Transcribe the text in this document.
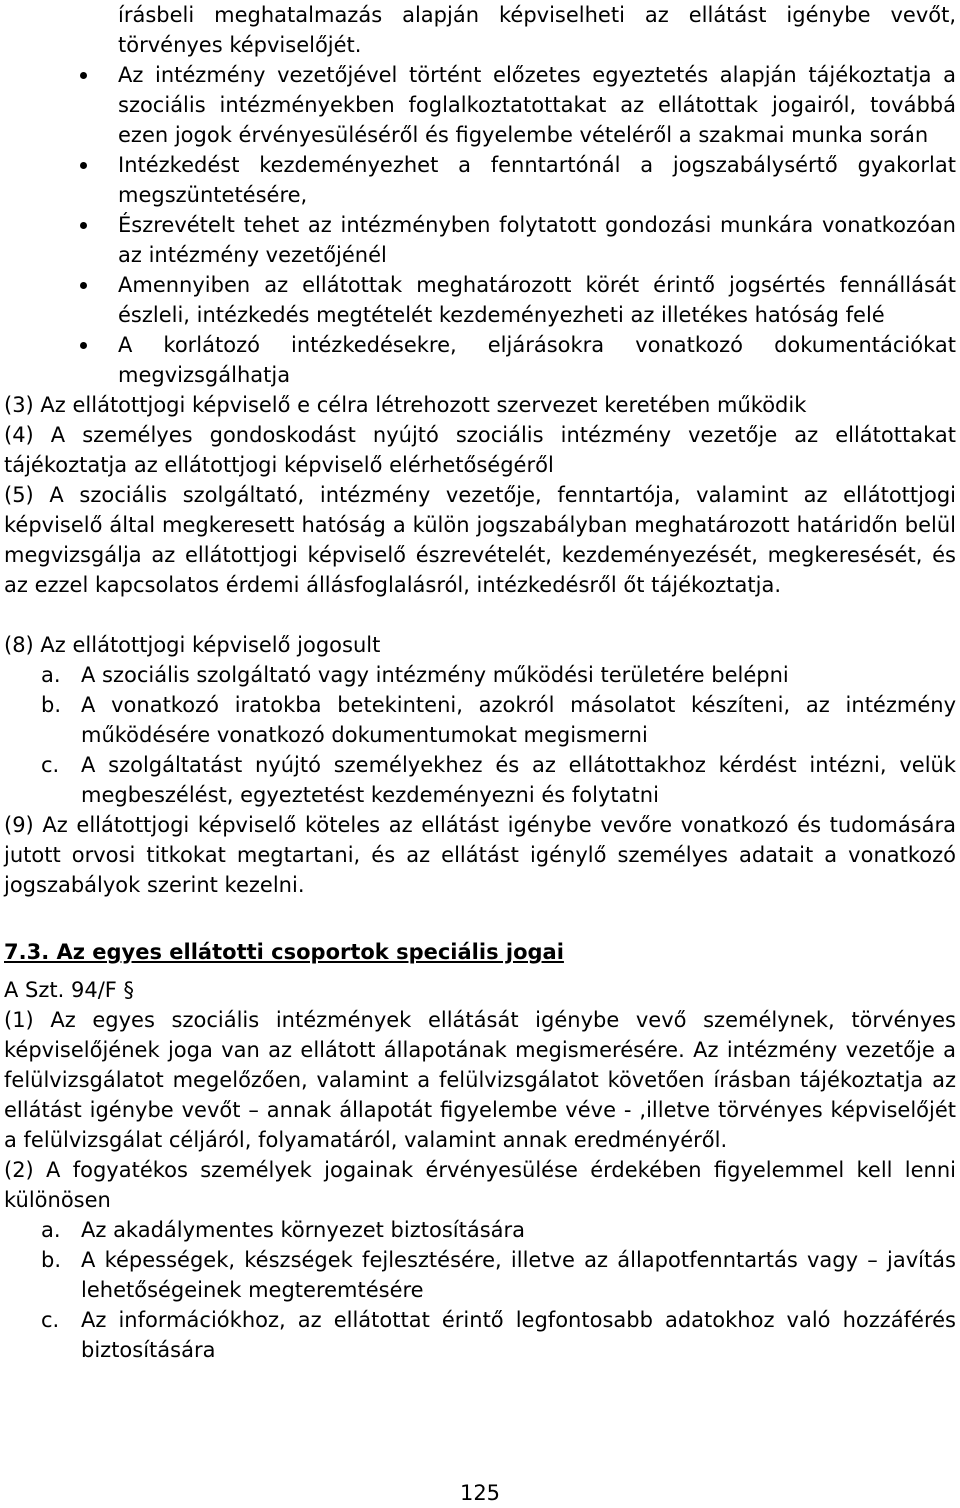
írásbeli meghatalmazás alapján képviselheti az ellátást igénybe vevőt, törvényes képviselőjét.

Az intézmény vezetőjével történt előzetes egyeztetés alapján tájékoztatja a szociális intézményekben foglalkoztatottakat az ellátottak jogairól, továbbá ezen jogok érvényesüléséről és figyelembe vételéről a szakmai munka során
Intézkedést kezdeményezhet a fenntartónál a jogszabálysértő gyakorlat megszüntetésére,
Észrevételt tehet az intézményben folytatott gondozási munkára vonatkozóan az intézmény vezetőjénél
Amennyiben az ellátottak meghatározott körét érintő jogsértés fennállását észleli, intézkedés megtételét kezdeményezheti az illetékes hatóság felé
A korlátozó intézkedésekre, eljárásokra vonatkozó dokumentációkat megvizsgálhatja

(3) Az ellátottjogi képviselő e célra létrehozott szervezet keretében működik

(4) A személyes gondoskodást nyújtó szociális intézmény vezetője az ellátottakat tájékoztatja az ellátottjogi képviselő elérhetőségéről

(5) A szociális szolgáltató, intézmény vezetője, fenntartója, valamint az ellátottjogi képviselő által megkeresett hatóság a külön jogszabályban meghatározott határidőn belül megvizsgálja az ellátottjogi képviselő észrevételét, kezdeményezését, megkeresését, és az ezzel kapcsolatos érdemi állásfoglalásról, intézkedésről őt tájékoztatja.

(8) Az ellátottjogi képviselő jogosult

a. A szociális szolgáltató vagy intézmény működési területére belépni
b. A vonatkozó iratokba betekinteni, azokról másolatot készíteni, az intézmény működésére vonatkozó dokumentumokat megismerni
c. A szolgáltatást nyújtó személyekhez és az ellátottakhoz kérdést intézni, velük megbeszélést, egyeztetést kezdeményezni és folytatni

(9) Az ellátottjogi képviselő köteles az ellátást igénybe vevőre vonatkozó és tudomására jutott orvosi titkokat megtartani, és az ellátást igénylő személyes adatait a vonatkozó jogszabályok szerint kezelni.

7.3. Az egyes ellátotti csoportok speciális jogai

A Szt. 94/F §

(1) Az egyes szociális intézmények ellátását igénybe vevő személynek, törvényes képviselőjének joga van az ellátott állapotának megismerésére. Az intézmény vezetője a felülvizsgálatot megelőzően, valamint a felülvizsgálatot követően írásban tájékoztatja az ellátást igénybe vevőt – annak állapotát figyelembe véve - ,illetve törvényes képviselőjét a felülvizsgálat céljáról, folyamatáról, valamint annak eredményéről.

(2) A fogyatékos személyek jogainak érvényesülése érdekében figyelemmel kell lenni különösen

a. Az akadálymentes környezet biztosítására
b. A képességek, készségek fejlesztésére, illetve az állapotfenntartás vagy – javítás lehetőségeinek megteremtésére
c. Az információkhoz, az ellátottat érintő legfontosabb adatokhoz való hozzáférés biztosítására
125
